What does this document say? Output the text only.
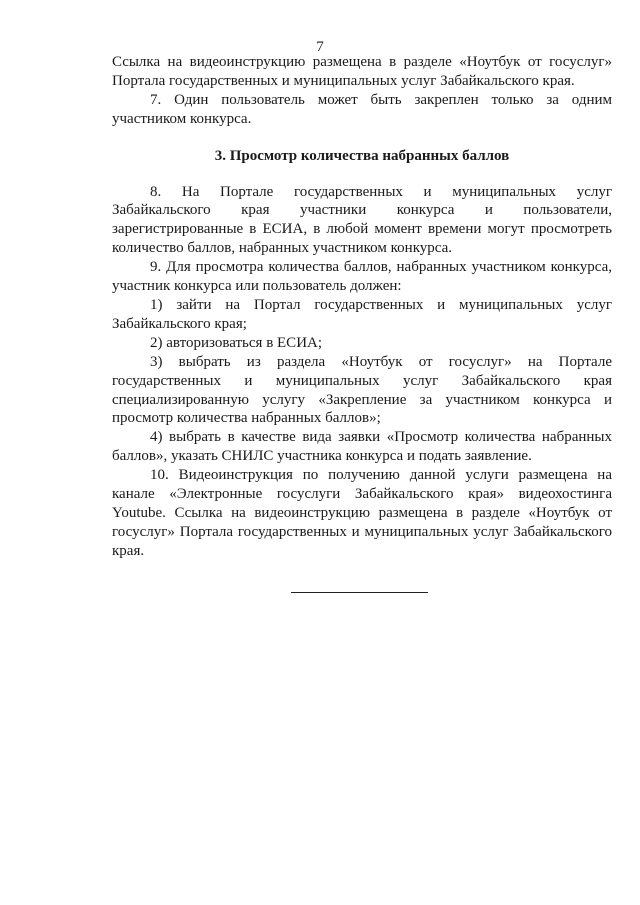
7

Ссылка на видеоинструкцию размещена в разделе «Ноутбук от госуслуг» Портала государственных и муниципальных услуг Забайкальского края.

7. Один пользователь может быть закреплен только за одним участником конкурса.

3. Просмотр количества набранных баллов

8. На Портале государственных и муниципальных услуг Забайкальского края участники конкурса и пользователи, зарегистрированные в ЕСИА, в любой момент времени могут просмотреть количество баллов, набранных участником конкурса.

9. Для просмотра количества баллов, набранных участником конкурса, участник конкурса или пользователь должен:

1) зайти на Портал государственных и муниципальных услуг Забайкальского края;

2) авторизоваться в ЕСИА;

3) выбрать из раздела «Ноутбук от госуслуг» на Портале государственных и муниципальных услуг Забайкальского края специализированную услугу «Закрепление за участником конкурса и просмотр количества набранных баллов»;

4) выбрать в качестве вида заявки «Просмотр количества набранных баллов», указать СНИЛС участника конкурса и подать заявление.

10. Видеоинструкция по получению данной услуги размещена на канале «Электронные госуслуги Забайкальского края» видеохостинга Youtube. Ссылка на видеоинструкцию размещена в разделе «Ноутбук от госуслуг» Портала государственных и муниципальных услуг Забайкальского края.
